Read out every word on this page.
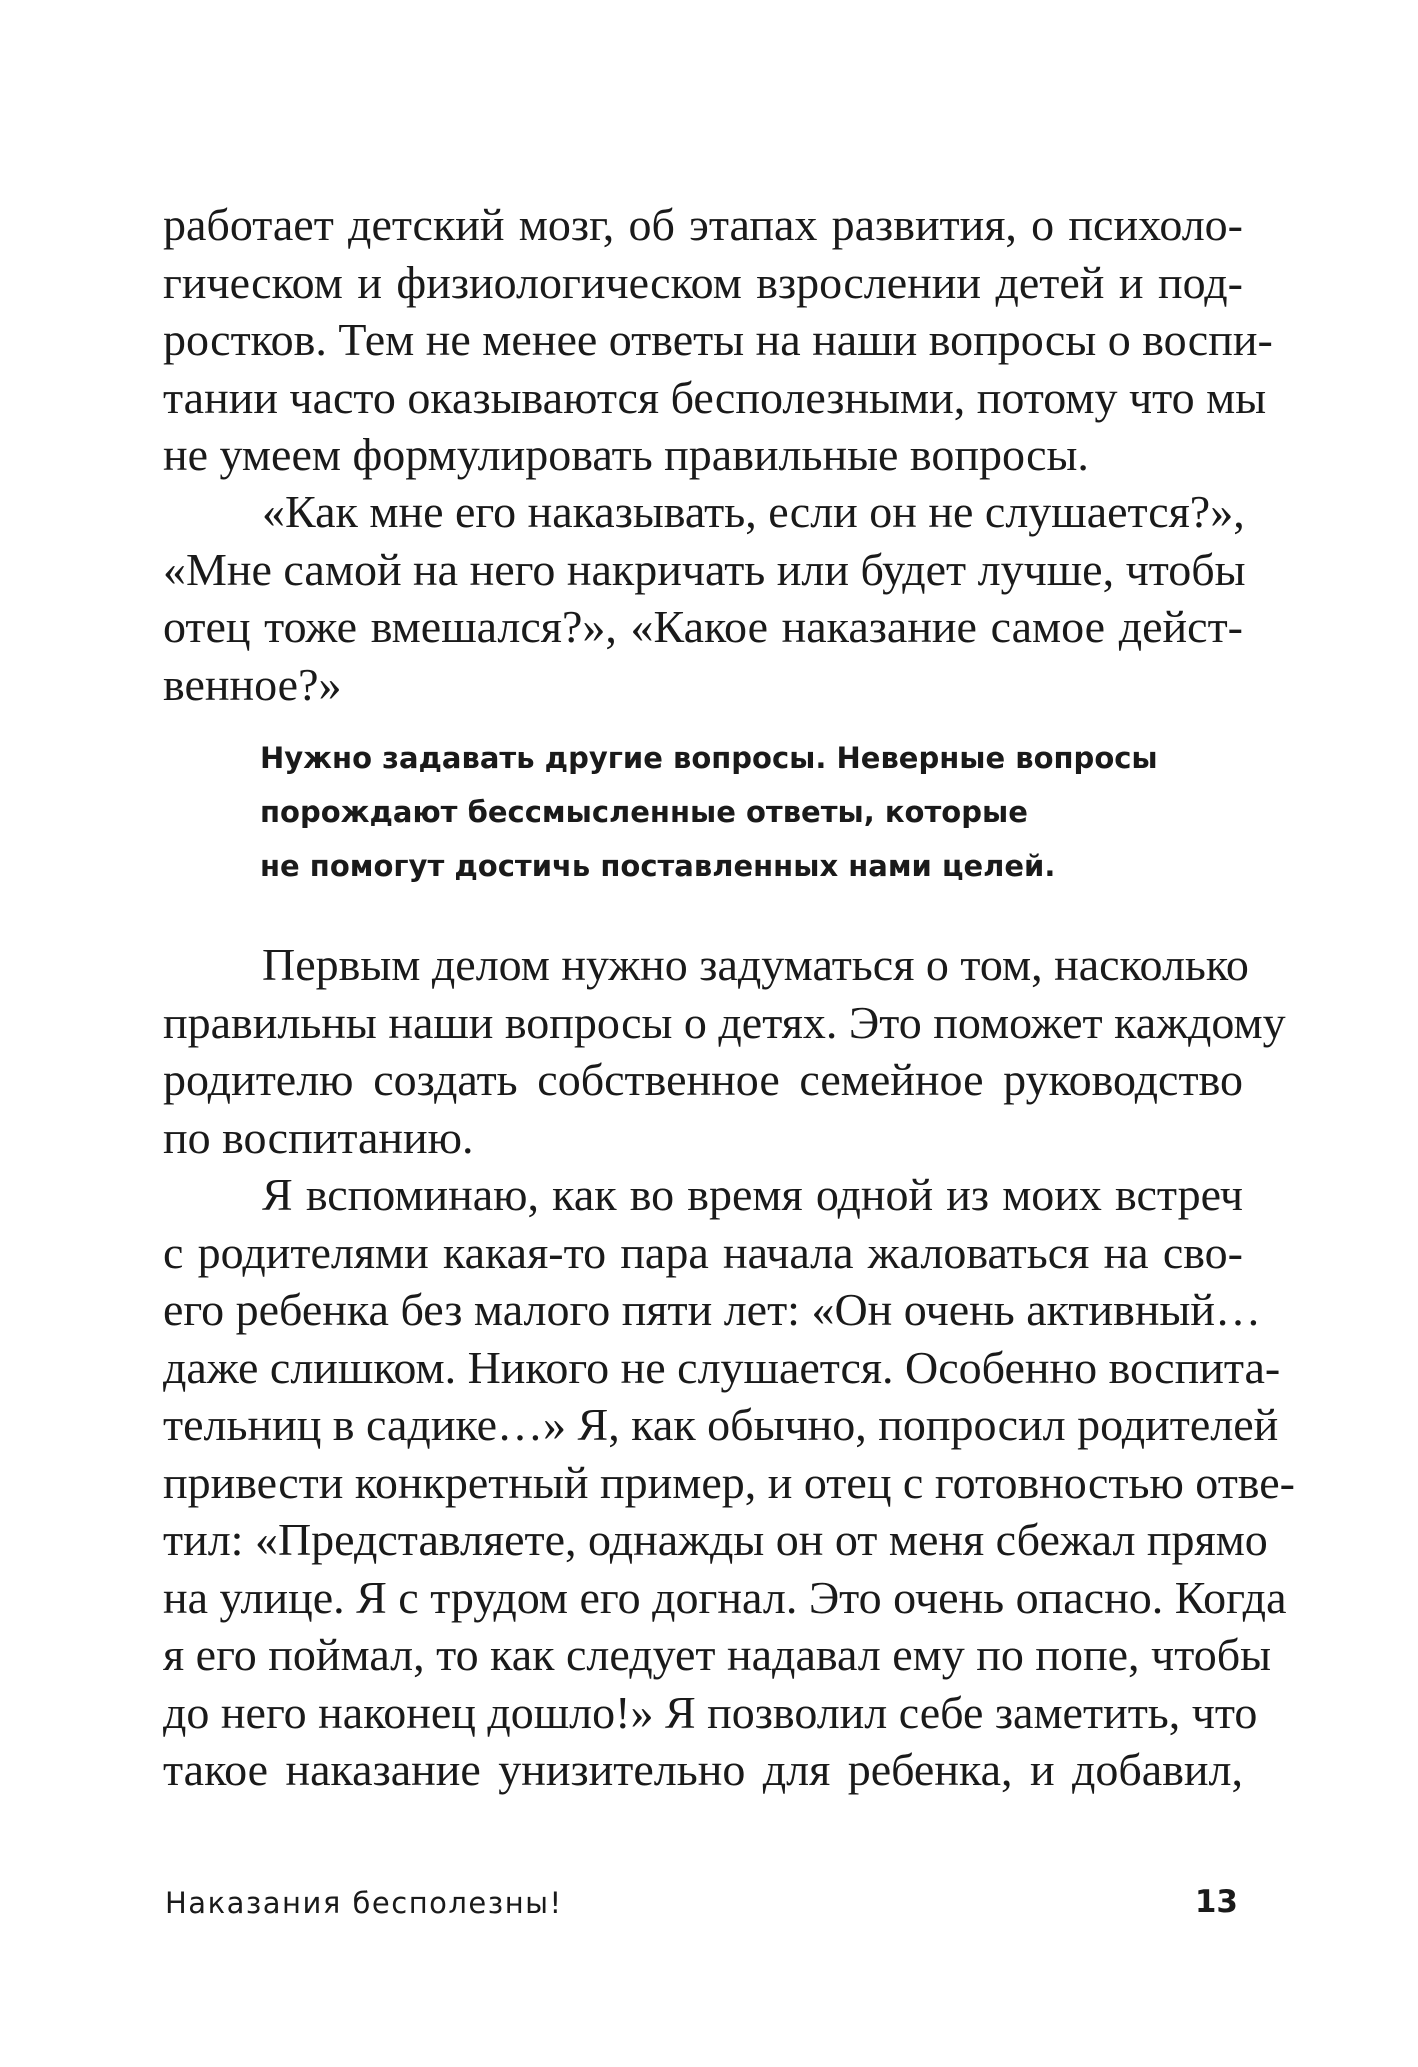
работает детский мозг, об этапах развития, о психоло-
гическом и физиологическом взрослении детей и под-
ростков. Тем не менее ответы на наши вопросы о воспи-
тании часто оказываются бесполезными, потому что мы
не умеем формулировать правильные вопросы.
«Как мне его наказывать, если он не слушается?»,
«Мне самой на него накричать или будет лучше, чтобы
отец тоже вмешался?», «Какое наказание самое дейст-
венное?»
Нужно задавать другие вопросы. Неверные вопросы
порождают бессмысленные ответы, которые
не помогут достичь поставленных нами целей.
Первым делом нужно задуматься о том, насколько
правильны наши вопросы о детях. Это поможет каждому
родителю создать собственное семейное руководство
по воспитанию.
Я вспоминаю, как во время одной из моих встреч
с родителями какая-то пара начала жаловаться на сво-
его ребенка без малого пяти лет: «Он очень активный…
даже слишком. Никого не слушается. Особенно воспита-
тельниц в садике…» Я, как обычно, попросил родителей
привести конкретный пример, и отец с готовностью отве-
тил: «Представляете, однажды он от меня сбежал прямо
на улице. Я с трудом его догнал. Это очень опасно. Когда
я его поймал, то как следует надавал ему по попе, чтобы
до него наконец дошло!» Я позволил себе заметить, что
такое наказание унизительно для ребенка, и добавил,
Наказания бесполезны!	13
